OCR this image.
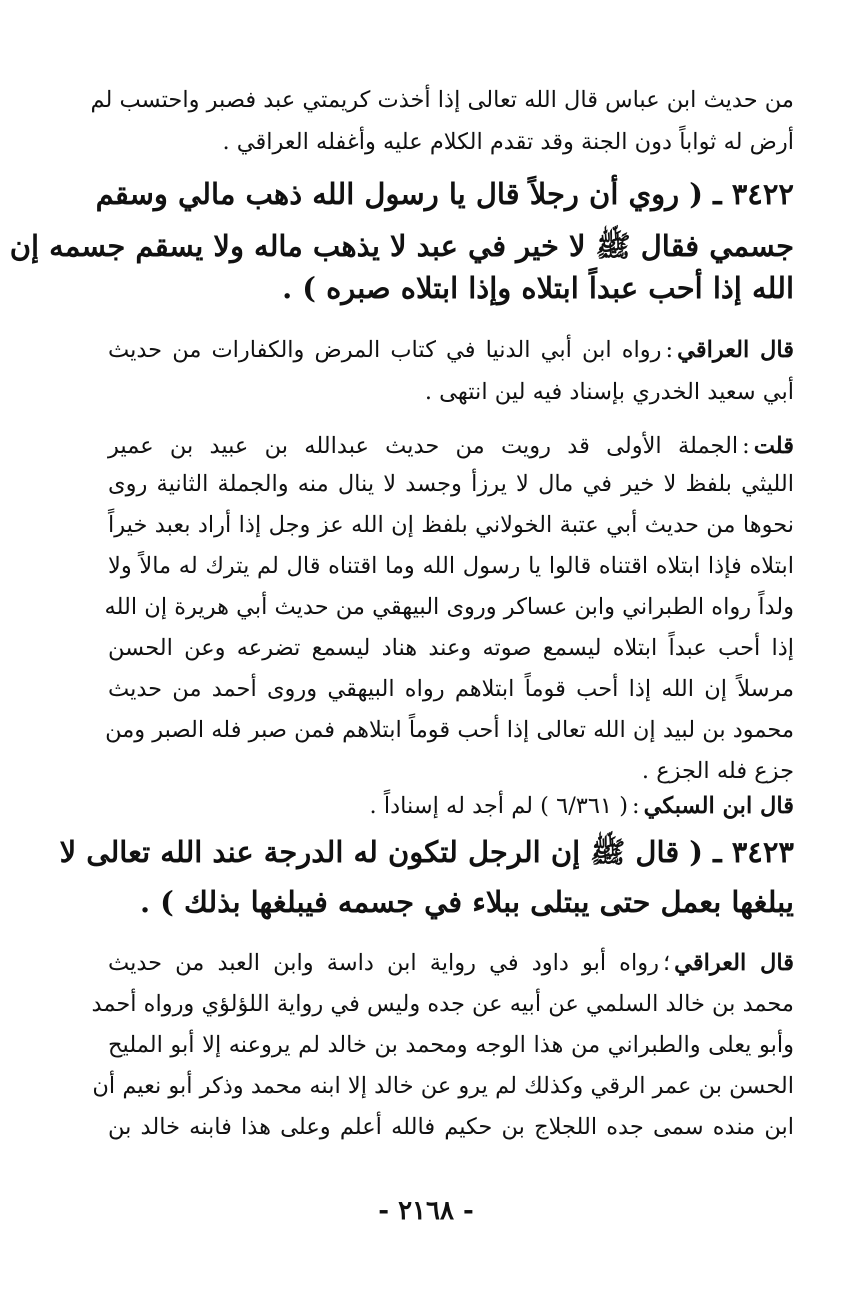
من حديث ابن عباس قال الله تعالى إذا أخذت كريمتي عبد فصبر واحتسب لم
أرض له ثواباً دون الجنة وقد تقدم الكلام عليه وأغفله العراقي .
٣٤٢٢ ـ ( روي أن رجلاً قال يا رسول الله ذهب مالي وسقم
جسمي فقال ﷺ لا خير في عبد لا يذهب ماله ولا يسقم جسمه إن
الله إذا أحب عبداً ابتلاه وإذا ابتلاه صبره ) .
قال العراقي:رواه ابن أبي الدنيا في كتاب المرض والكفارات من حديث
أبي سعيد الخدري بإسناد فيه لين انتهى .
قلت:الجملة الأولى قد رويت من حديث عبدالله بن عبيد بن عمير
الليثي بلفظ لا خير في مال لا يرزأ وجسد لا ينال منه والجملة الثانية روى
نحوها من حديث أبي عتبة الخولاني بلفظ إن الله عز وجل إذا أراد بعبد خيراً
ابتلاه فإذا ابتلاه اقتناه قالوا يا رسول الله وما اقتناه قال لم يترك له مالاً ولا
ولداً رواه الطبراني وابن عساكر وروى البيهقي من حديث أبي هريرة إن الله
إذا أحب عبداً ابتلاه ليسمع صوته وعند هناد ليسمع تضرعه وعن الحسن
مرسلاً إن الله إذا أحب قوماً ابتلاهم رواه البيهقي وروى أحمد من حديث
محمود بن لبيد إن الله تعالى إذا أحب قوماً ابتلاهم فمن صبر فله الصبر ومن
جزع فله الجزع .
قال ابن السبكي:( ٦/٣٦١ ) لم أجد له إسناداً .
٣٤٢٣ ـ ( قال ﷺ إن الرجل لتكون له الدرجة عند الله تعالى لا
يبلغها بعمل حتى يبتلى ببلاء في جسمه فيبلغها بذلك ) .
قال العراقي؛رواه أبو داود في رواية ابن داسة وابن العبد من حديث
محمد بن خالد السلمي عن أبيه عن جده وليس في رواية اللؤلؤي ورواه أحمد
وأبو يعلى والطبراني من هذا الوجه ومحمد بن خالد لم يروعنه إلا أبو المليح
الحسن بن عمر الرقي وكذلك لم يرو عن خالد إلا ابنه محمد وذكر أبو نعيم أن
ابن منده سمى جده اللجلاج بن حكيم فالله أعلم وعلى هذا فابنه خالد بن
- ٢١٦٨ -
